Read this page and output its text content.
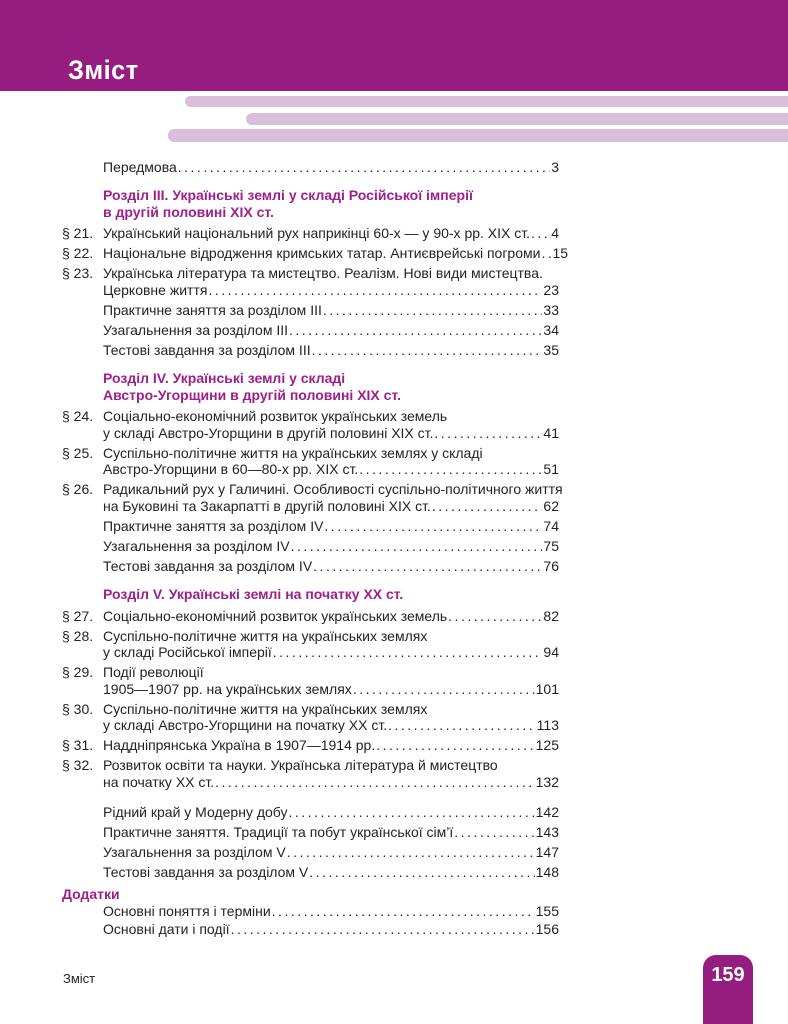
Зміст
Передмова .....	3
Розділ III. Українські землі у складі Російської імперії
в другій половині XIX ст.
§ 21. Український національний рух наприкінці 60-х — у 90-х рр. XIX ст. ..... 4
§ 22. Національне відродження кримських татар. Антиєврейські погроми ..... 15
§ 23. Українська література та мистецтво. Реалізм. Нові види мистецтва.
Церковне життя .....	23
Практичне заняття за розділом III .....	33
Узагальнення за розділом III .....	34
Тестові завдання за розділом III .....	35
Розділ IV. Українські землі у складі
Австро-Угорщини в другій половині XIX ст.
§ 24. Соціально-економічний розвиток українських земель
у складі Австро-Угорщини в другій половині XIX ст. .....	41
§ 25. Суспільно-політичне життя на українських землях у складі
Австро-Угорщини в 60—80-х рр. XIX ст. .....	51
§ 26. Радикальний рух у Галичині. Особливості суспільно-політичного життя
на Буковині та Закарпатті в другій половині XIX ст. .....	62
Практичне заняття за розділом IV .....	74
Узагальнення за розділом IV .....	75
Тестові завдання за розділом IV .....	76
Розділ V. Українські землі на початку XX ст.
§ 27. Соціально-економічний розвиток українських земель .....	82
§ 28. Суспільно-політичне життя на українських землях
у складі Російської імперії .....	94
§ 29. Події революції
1905—1907 рр. на українських землях .....	101
§ 30. Суспільно-політичне життя на українських землях
у складі Австро-Угорщини на початку XX ст. .....	113
§ 31. Наддніпрянська Україна в 1907—1914 рр. .....	125
§ 32. Розвиток освіти та науки. Українська література й мистецтво
на початку XX ст. .....	132
Рідний край у Модерну добу .....	142
Практичне заняття. Традиції та побут української сім’ї .....	143
Узагальнення за розділом V .....	147
Тестові завдання за розділом V .....	148
Додатки
Основні поняття і терміни .....	155
Основні дати і події .....	156
Зміст	159
